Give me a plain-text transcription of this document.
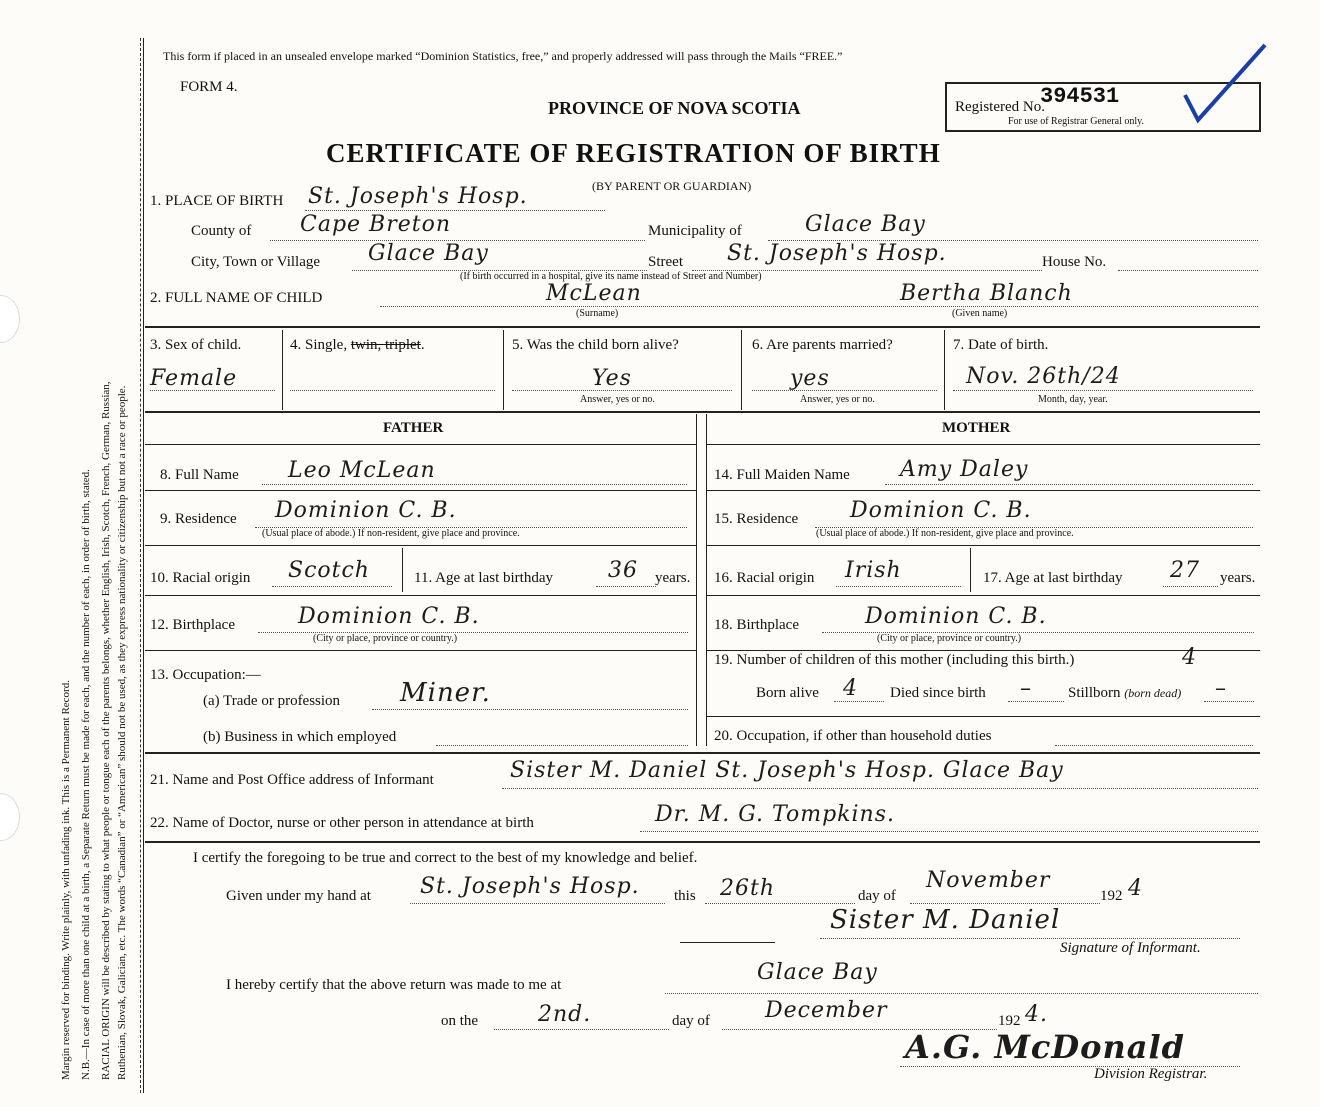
Margin reserved for binding. Write plainly, with unfading ink. This is a Permanent Record. N.B.—In case of more than one child at a birth, a Separate Return must be made for each, and the number of each, in order of birth, stated. RACIAL ORIGIN will be described by stating to what people or tongue each of the parents belongs, whether English, Irish, Scotch, French, German, Russian, Ruthenian, Slovak, Galician, etc. The words “Canadian” or “American” should not be used, as they express nationality or citizenship but not a race or people.
This form if placed in an unsealed envelope marked “Dominion Statistics, free,” and properly addressed will pass through the Mails “FREE.”
FORM 4.
PROVINCE OF NOVA SCOTIA	Registered No.
394531
For use of Registrar General only.
CERTIFICATE OF REGISTRATION OF BIRTH
(BY PARENT OR GUARDIAN)
1. PLACE OF BIRTH St. Joseph's Hosp.
County of Cape Breton	Municipality of	Glace Bay
City, Town or Village Glace Bay	Street St. Joseph's Hosp.	House No.
(If birth occurred in a hospital, give its name instead of Street and Number)
2. FULL NAME OF CHILD	McLean	Bertha Blanch
(Surname)	(Given name)
3. Sex of child.
Female
4. Single, twin, triplet.	5. Was the child born alive?
Yes
Answer, yes or no.
6. Are parents married?
yes
Answer, yes or no.
7. Date of birth.
Nov. 26th/24
Month, day, year.
FATHER	MOTHER
8. Full Name Leo McLean
9. Residence Dominion C. B.
(Usual place of abode.) If non-resident, give place and province.
10. Racial origin Scotch	11. Age at last birthday	36 years.
12. Birthplace	Dominion C. B.
(City or place, province or country.)
13. Occupation:—
(a) Trade or profession Miner.
(b) Business in which employed
14. Full Maiden Name Amy Daley
15. Residence Dominion C. B.
(Usual place of abode.) If non-resident, give place and province.
16. Racial origin Irish	17. Age at last birthday 27 years.
18. Birthplace	Dominion C. B.
(City or place, province or country.)
19. Number of children of this mother (including this birth.)	4
Born alive 4 Died since birth – Stillborn (born dead) –
20. Occupation, if other than household duties
21. Name and Post Office address of Informant	Sister M. Daniel St. Joseph's Hosp. Glace Bay
22. Name of Doctor, nurse or other person in attendance at birth	Dr. M. G. Tompkins.
I certify the foregoing to be true and correct to the best of my knowledge and belief.
Given under my hand at St. Joseph's Hosp. this 26th	day of
November
192 4
Sister M. Daniel
Signature of Informant.
I hereby certify that the above return was made to me at	Glace Bay
on the	2nd.	day of	December	192 4.
A.G. McDonald
Division Registrar.
